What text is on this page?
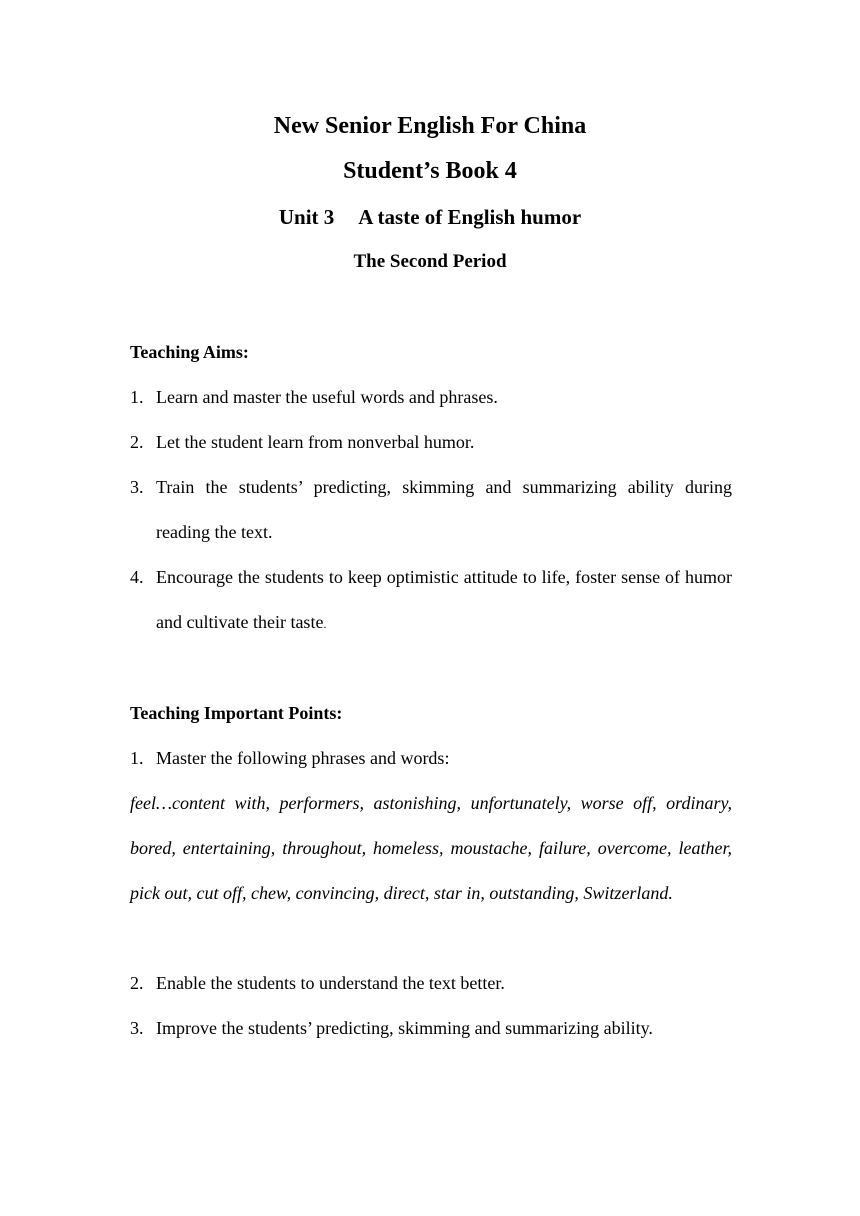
New Senior English For China
Student’s Book 4
Unit 3 A taste of English humor
The Second Period
Teaching Aims:
1. Learn and master the useful words and phrases.
2. Let the student learn from nonverbal humor.
3. Train the students’ predicting, skimming and summarizing ability during reading the text.
4. Encourage the students to keep optimistic attitude to life, foster sense of humor and cultivate their taste.
Teaching Important Points:
1. Master the following phrases and words:
feel…content with, performers, astonishing, unfortunately, worse off, ordinary, bored, entertaining, throughout, homeless, moustache, failure, overcome, leather, pick out, cut off, chew, convincing, direct, star in, outstanding, Switzerland.
2. Enable the students to understand the text better.
3. Improve the students’ predicting, skimming and summarizing ability.
